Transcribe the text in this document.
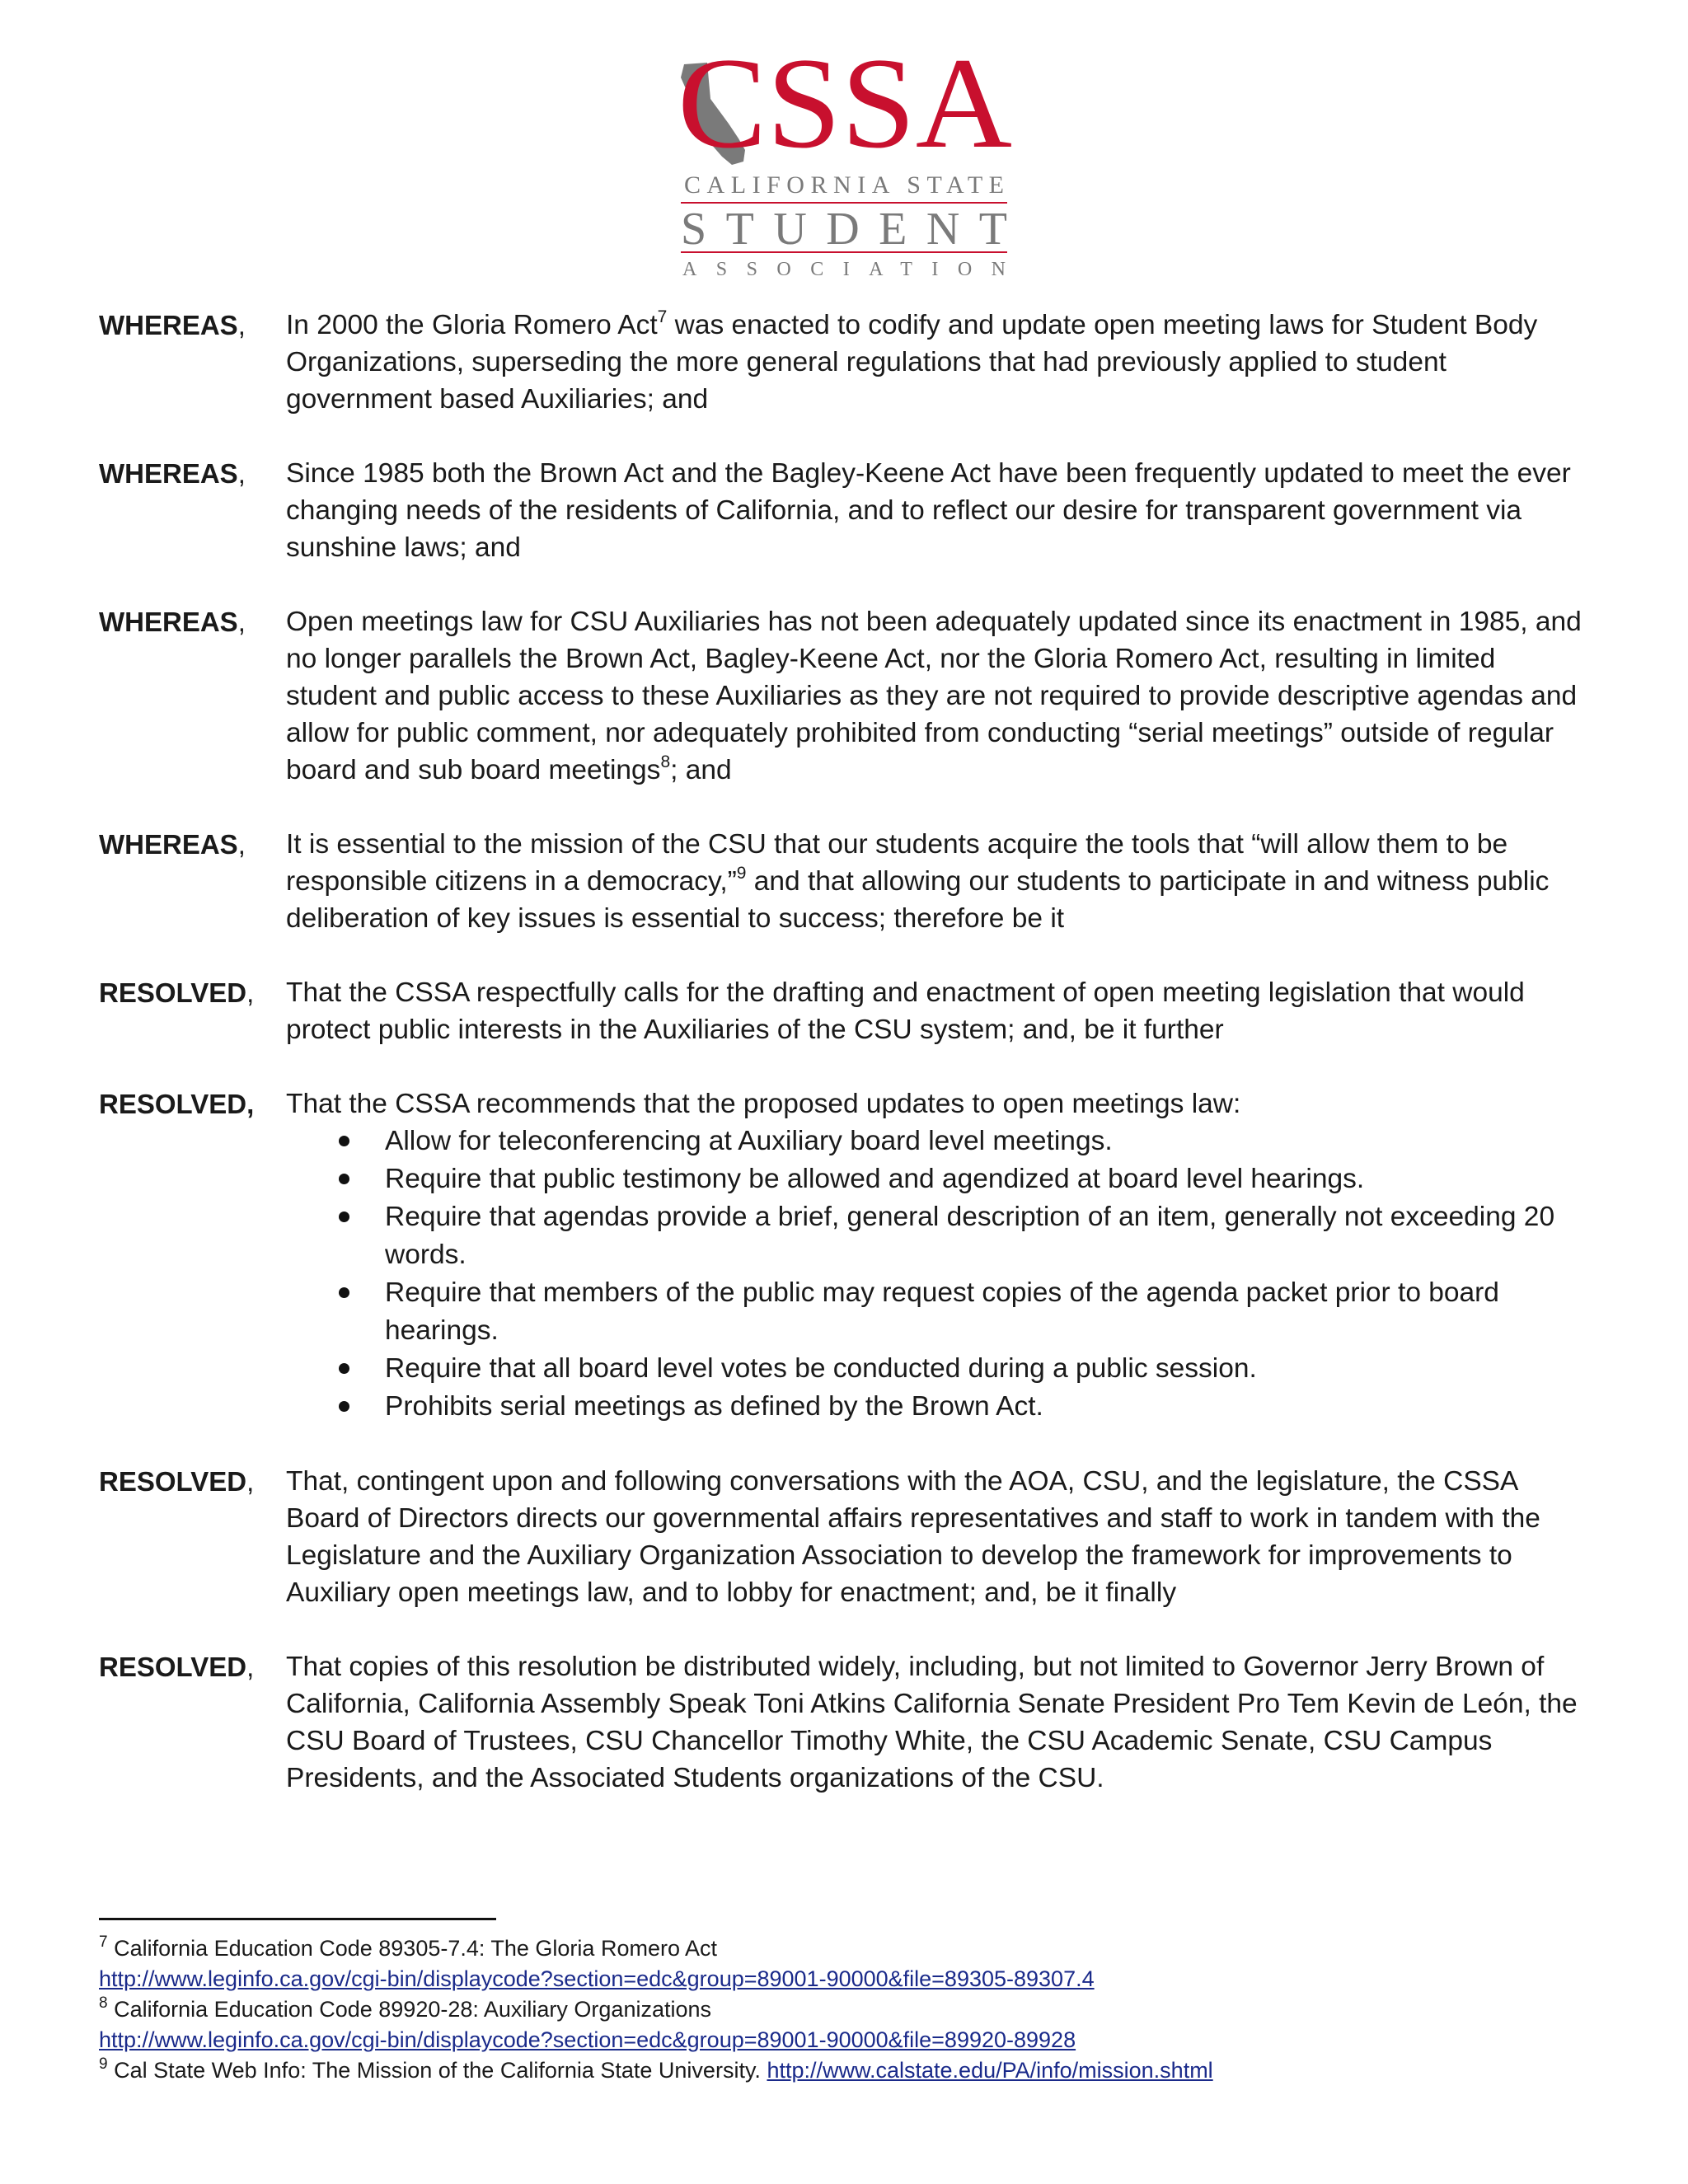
CSSA
CALIFORNIA STATE
STUDENT
ASSOCIATION
WHEREAS,	In 2000 the Gloria Romero Act$^7$ was enacted to codify and update open meeting laws for Student Body Organizations, superseding the more general regulations that had previously applied to student government based Auxiliaries; and
WHEREAS,	Since 1985 both the Brown Act and the Bagley-Keene Act have been frequently updated to meet the ever changing needs of the residents of California, and to reflect our desire for transparent government via sunshine laws; and
WHEREAS,	Open meetings law for CSU Auxiliaries has not been adequately updated since its enactment in 1985, and no longer parallels the Brown Act, Bagley-Keene Act, nor the Gloria Romero Act, resulting in limited student and public access to these Auxiliaries as they are not required to provide descriptive agendas and allow for public comment, nor adequately prohibited from conducting “serial meetings” outside of regular board and sub board meetings$^8$; and
WHEREAS,	It is essential to the mission of the CSU that our students acquire the tools that “will allow them to be responsible citizens in a democracy,”$^9$ and that allowing our students to participate in and witness public deliberation of key issues is essential to success; therefore be it
RESOLVED,	That the CSSA respectfully calls for the drafting and enactment of open meeting legislation that would protect public interests in the Auxiliaries of the CSU system; and, be it further
RESOLVED,	That the CSSA recommends that the proposed updates to open meetings law:
Allow for teleconferencing at Auxiliary board level meetings.
Require that public testimony be allowed and agendized at board level hearings.
Require that agendas provide a brief, general description of an item, generally not exceeding 20 words.
Require that members of the public may request copies of the agenda packet prior to board hearings.
Require that all board level votes be conducted during a public session.
Prohibits serial meetings as defined by the Brown Act.
RESOLVED,	That, contingent upon and following conversations with the AOA, CSU, and the legislature, the CSSA Board of Directors directs our governmental affairs representatives and staff to work in tandem with the Legislature and the Auxiliary Organization Association to develop the framework for improvements to Auxiliary open meetings law, and to lobby for enactment; and, be it finally
RESOLVED,	That copies of this resolution be distributed widely, including, but not limited to Governor Jerry Brown of California, California Assembly Speak Toni Atkins California Senate President Pro Tem Kevin de León, the CSU Board of Trustees, CSU Chancellor Timothy White, the CSU Academic Senate, CSU Campus Presidents, and the Associated Students organizations of the CSU.
$^7$ California Education Code 89305-7.4: The Gloria Romero Act
http://www.leginfo.ca.gov/cgi-bin/displaycode?section=edc&group=89001-90000&file=89305-89307.4
$^8$ California Education Code 89920-28: Auxiliary Organizations
http://www.leginfo.ca.gov/cgi-bin/displaycode?section=edc&group=89001-90000&file=89920-89928
$^9$ Cal State Web Info: The Mission of the California State University. http://www.calstate.edu/PA/info/mission.shtml
